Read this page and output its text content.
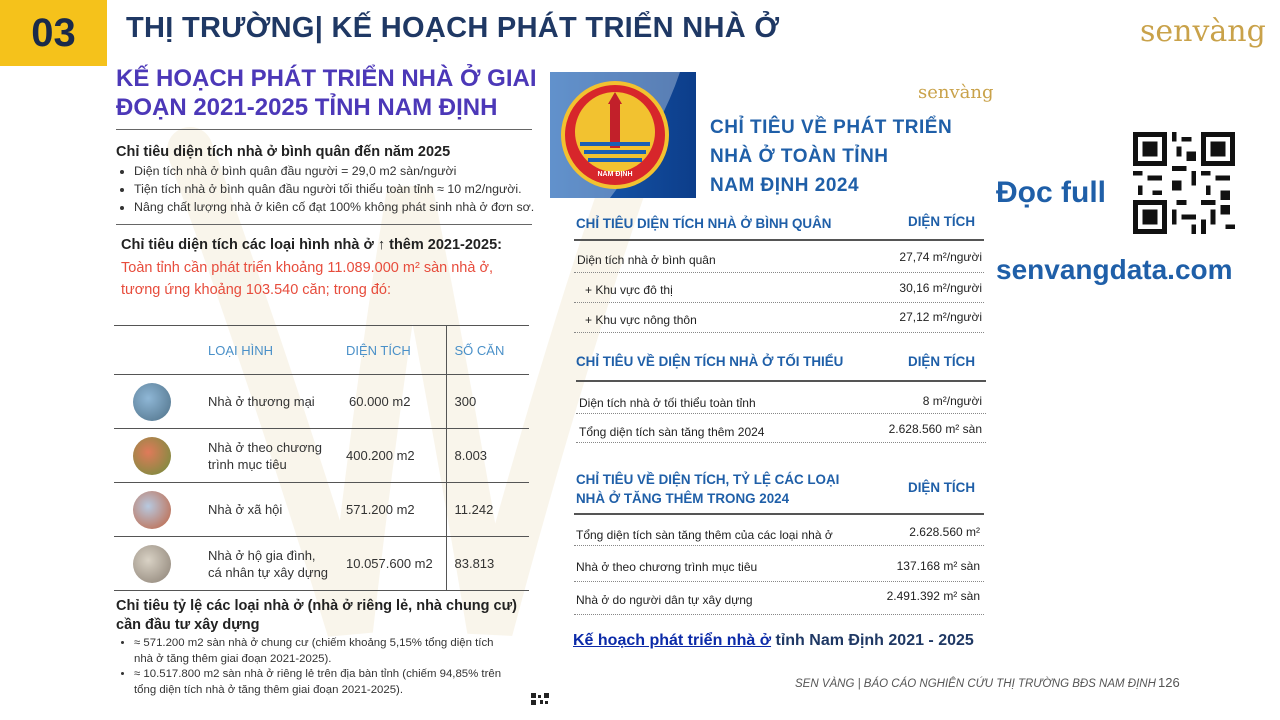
03	THỊ TRƯỜNG| KẾ HOẠCH PHÁT TRIỂN NHÀ Ở	senvàng
KẾ HOẠCH PHÁT TRIỂN NHÀ Ở GIAI
ĐOẠN 2021-2025 TỈNH NAM ĐỊNH
Chỉ tiêu diện tích nhà ở bình quân đến năm 2025
• Diện tích nhà ở bình quân đầu người = 29,0 m2 sàn/người
• Tiện tích nhà ở bình quân đầu người tối thiểu toàn tỉnh ≈ 10 m2/người.
• Nâng chất lượng nhà ở kiên cố đạt 100% không phát sinh nhà ở đơn sơ.
Chỉ tiêu diện tích các loại hình nhà ở ↑ thêm 2021-2025:
Toàn tỉnh cần phát triển khoảng 11.089.000 m² sàn nhà ở,
tương ứng khoảng 103.540 căn; trong đó:
	LOẠI HÌNH	DIỆN TÍCH	SỐ CĂN

	Nhà ở thương mại	60.000 m2	300

	Nhà ở theo chương
trình mục tiêu	400.200 m2	8.003

	Nhà ở xã hội	571.200 m2	11.242

	Nhà ở hộ gia đình,
cá nhân tự xây dựng	10.057.600 m2	83.813
Chỉ tiêu tỷ lệ các loại nhà ở (nhà ở riêng lẻ, nhà chung cư)
cần đầu tư xây dựng
• ≈ 571.200 m2 sàn nhà ở chung cư (chiếm khoảng 5,15% tổng diện tích
nhà ở tăng thêm giai đoạn 2021-2025).
• ≈ 10.517.800 m2 sàn nhà ở riêng lẻ trên địa bàn tỉnh (chiếm 94,85% trên
tổng diện tích nhà ở tăng thêm giai đoạn 2021-2025).
NAM ĐỊNH
senvàng
CHỈ TIÊU VỀ PHÁT TRIỂN
NHÀ Ở TOÀN TỈNH
NAM ĐỊNH 2024
CHỈ TIÊU DIỆN TÍCH NHÀ Ở BÌNH QUÂN	DIỆN TÍCH
Diện tích nhà ở bình quân	27,74 m²/người
+ Khu vực đô thị	30,16 m²/người
+ Khu vực nông thôn	27,12 m²/người
CHỈ TIÊU VỀ DIỆN TÍCH NHÀ Ở TỐI THIỂU	DIỆN TÍCH
Diện tích nhà ở tối thiểu toàn tỉnh	8 m²/người
Tổng diện tích sàn tăng thêm 2024	2.628.560 m² sàn
CHỈ TIÊU VỀ DIỆN TÍCH, TỶ LỆ CÁC LOẠI
NHÀ Ở TĂNG THÊM TRONG 2024
DIỆN TÍCH
Tổng diện tích sàn tăng thêm của các loại nhà ở	2.628.560 m²
Nhà ở theo chương trình mục tiêu	137.168 m² sàn
Nhà ở do người dân tự xây dựng	2.491.392 m² sàn
Đọc full
senvangdata.com
Kế hoạch phát triển nhà ở tỉnh Nam Định 2021 - 2025
SEN VÀNG | BÁO CÁO NGHIÊN CỨU THỊ TRƯỜNG BĐS NAM ĐỊNH 126
